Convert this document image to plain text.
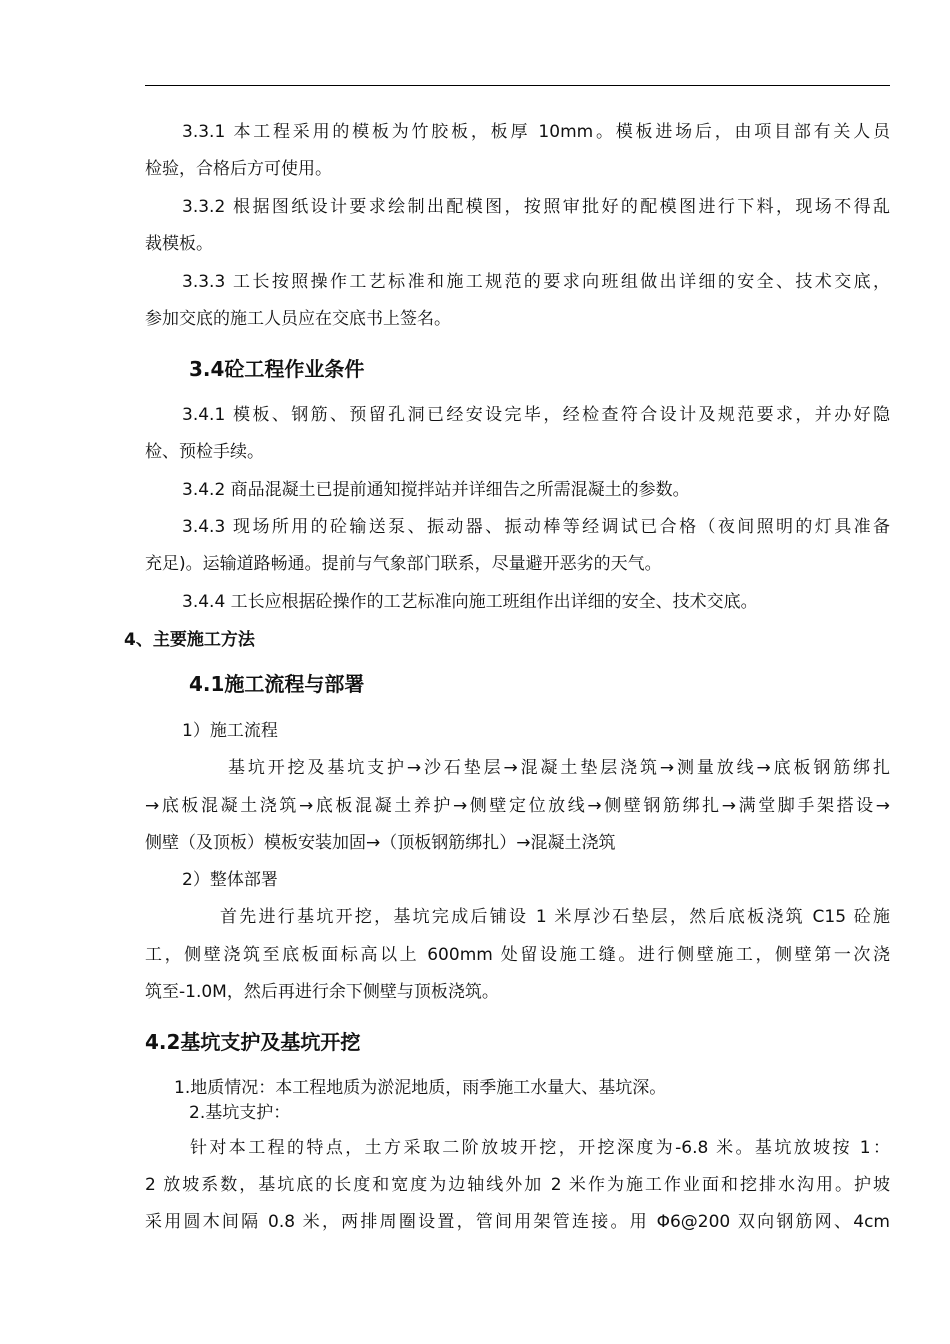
3.3.1 本工程采用的模板为竹胶板，板厚 10mm。模板进场后，由项目部有关人员

检验，合格后方可使用。

3.3.2 根据图纸设计要求绘制出配模图，按照审批好的配模图进行下料，现场不得乱

裁模板。

3.3.3 工长按照操作工艺标准和施工规范的要求向班组做出详细的安全、技术交底，

参加交底的施工人员应在交底书上签名。

3.4砼工程作业条件

3.4.1 模板、钢筋、预留孔洞已经安设完毕，经检查符合设计及规范要求，并办好隐

检、预检手续。

3.4.2 商品混凝土已提前通知搅拌站并详细告之所需混凝土的参数。

3.4.3 现场所用的砼输送泵、振动器、振动棒等经调试已合格（夜间照明的灯具准备

充足)。运输道路畅通。提前与气象部门联系，尽量避开恶劣的天气。

3.4.4 工长应根据砼操作的工艺标准向施工班组作出详细的安全、技术交底。

4、主要施工方法
4.1施工流程与部署

1）施工流程

基坑开挖及基坑支护→沙石垫层→混凝土垫层浇筑→测量放线→底板钢筋绑扎

→底板混凝土浇筑→底板混凝土养护→侧壁定位放线→侧壁钢筋绑扎→满堂脚手架搭设→

侧壁（及顶板）模板安装加固→（顶板钢筋绑扎）→混凝土浇筑

2）整体部署

首先进行基坑开挖，基坑完成后铺设 1 米厚沙石垫层，然后底板浇筑 C15 砼施

工，侧壁浇筑至底板面标高以上 600mm 处留设施工缝。进行侧壁施工，侧壁第一次浇

筑至-1.0M，然后再进行余下侧壁与顶板浇筑。

4.2基坑支护及基坑开挖

1.地质情况：本工程地质为淤泥地质，雨季施工水量大、基坑深。

2.基坑支护：

针对本工程的特点，土方采取二阶放坡开挖，开挖深度为-6.8 米。基坑放坡按 1：

2 放坡系数，基坑底的长度和宽度为边轴线外加 2 米作为施工作业面和挖排水沟用。护坡

采用圆木间隔 0.8 米，两排周圈设置，管间用架管连接。用 Φ6@200 双向钢筋网、4cm
